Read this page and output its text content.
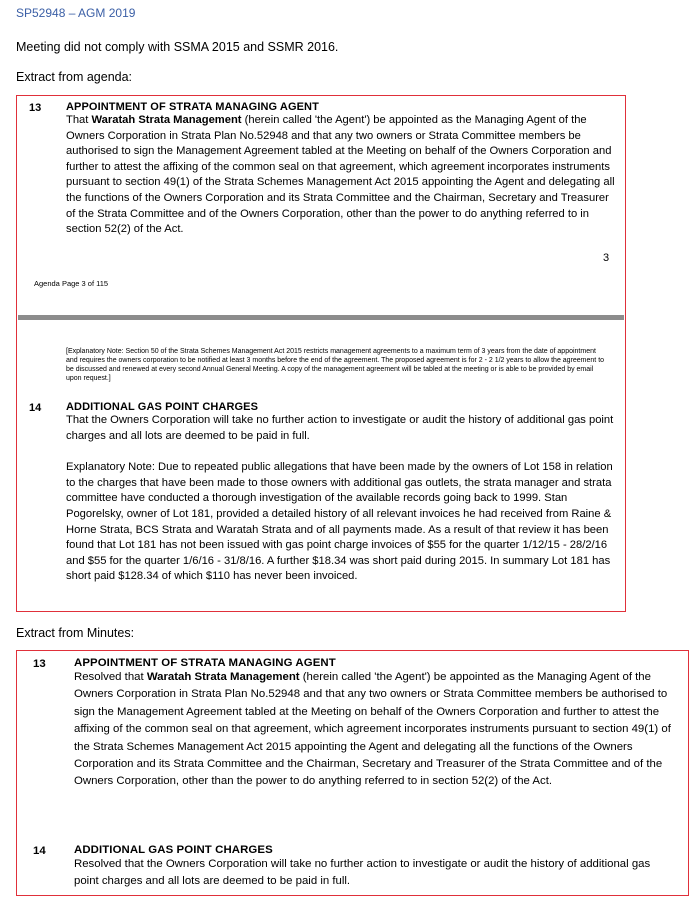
SP52948 – AGM 2019
Meeting did not comply with SSMA 2015 and SSMR 2016.
Extract from agenda:
13 APPOINTMENT OF STRATA MANAGING AGENT
That Waratah Strata Management (herein called 'the Agent') be appointed as the Managing Agent of the Owners Corporation in Strata Plan No.52948 and that any two owners or Strata Committee members be authorised to sign the Management Agreement tabled at the Meeting on behalf of the Owners Corporation and further to attest the affixing of the common seal on that agreement, which agreement incorporates instruments pursuant to section 49(1) of the Strata Schemes Management Act 2015 appointing the Agent and delegating all the functions of the Owners Corporation and its Strata Committee and the Chairman, Secretary and Treasurer of the Strata Committee and of the Owners Corporation, other than the power to do anything referred to in section 52(2) of the Act.
3
Agenda Page 3 of 115
[Explanatory Note: Section 50 of the Strata Schemes Management Act 2015 restricts management agreements to a maximum term of 3 years from the date of appointment and requires the owners corporation to be notified at least 3 months before the end of the agreement. The proposed agreement is for 2 - 2 1/2 years to allow the agreement to be discussed and renewed at every second Annual General Meeting. A copy of the management agreement will be tabled at the meeting or is able to be provided by email upon request.]
14 ADDITIONAL GAS POINT CHARGES
That the Owners Corporation will take no further action to investigate or audit the history of additional gas point charges and all lots are deemed to be paid in full.
Explanatory Note: Due to repeated public allegations that have been made by the owners of Lot 158 in relation to the charges that have been made to those owners with additional gas outlets, the strata manager and strata committee have conducted a thorough investigation of the available records going back to 1999. Stan Pogorelsky, owner of Lot 181, provided a detailed history of all relevant invoices he had received from Raine & Horne Strata, BCS Strata and Waratah Strata and of all payments made. As a result of that review it has been found that Lot 181 has not been issued with gas point charge invoices of $55 for the quarter 1/12/15 - 28/2/16 and $55 for the quarter 1/6/16 - 31/8/16. A further $18.34 was short paid during 2015. In summary Lot 181 has short paid $128.34 of which $110 has never been invoiced.
Extract from Minutes:
13 APPOINTMENT OF STRATA MANAGING AGENT
Resolved that Waratah Strata Management (herein called 'the Agent') be appointed as the Managing Agent of the Owners Corporation in Strata Plan No.52948 and that any two owners or Strata Committee members be authorised to sign the Management Agreement tabled at the Meeting on behalf of the Owners Corporation and further to attest the affixing of the common seal on that agreement, which agreement incorporates instruments pursuant to section 49(1) of the Strata Schemes Management Act 2015 appointing the Agent and delegating all the functions of the Owners Corporation and its Strata Committee and the Chairman, Secretary and Treasurer of the Strata Committee and of the Owners Corporation, other than the power to do anything referred to in section 52(2) of the Act.
14 ADDITIONAL GAS POINT CHARGES
Resolved that the Owners Corporation will take no further action to investigate or audit the history of additional gas point charges and all lots are deemed to be paid in full.
